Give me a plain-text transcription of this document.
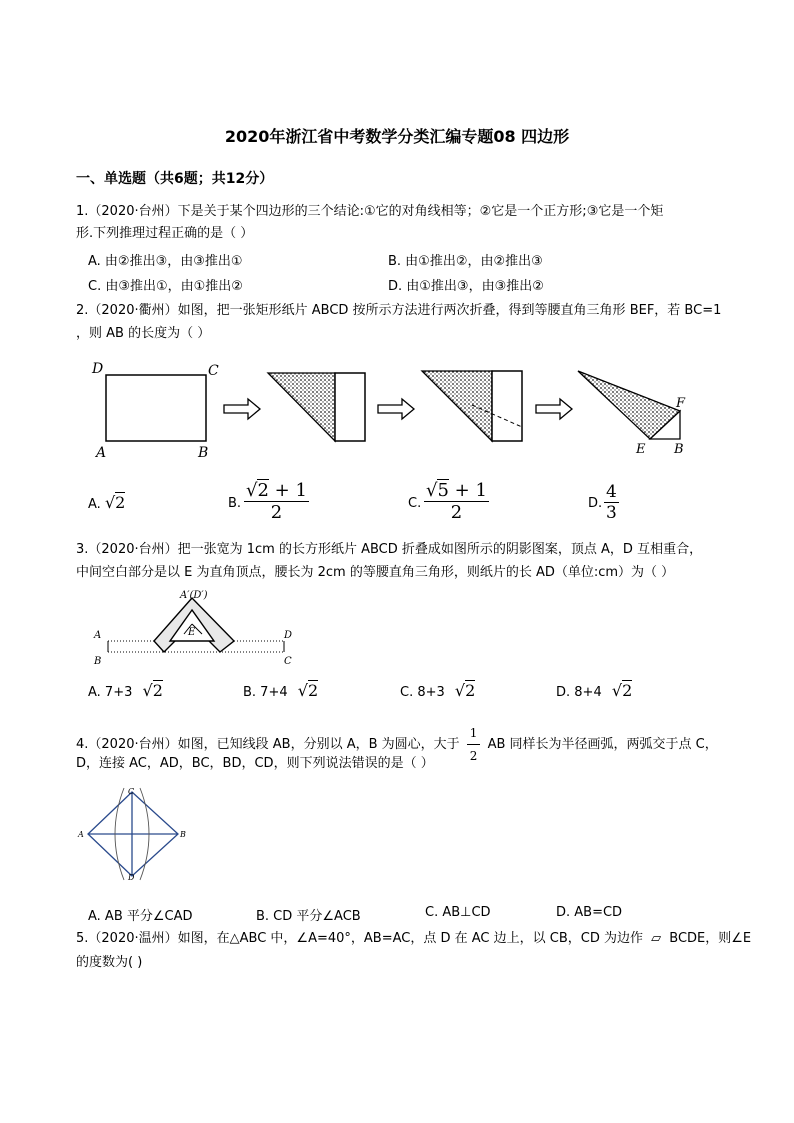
2020年浙江省中考数学分类汇编专题08 四边形
一、单选题（共6题；共12分）
1.（2020·台州）下是关于某个四边形的三个结论:①它的对角线相等；②它是一个正方形;③它是一个矩
形.下列推理过程正确的是（ ）
A. 由②推出③，由③推出①	B. 由①推出②，由②推出③
C. 由③推出①，由①推出②	D. 由①推出③，由③推出②
2.（2020·衢州）如图，把一张矩形纸片 ABCD 按所示方法进行两次折叠，得到等腰直角三角形 BEF，若 BC=1
，则 AB 的长度为（ ）
D	C
A	B
F
E B
A. √2	B.
√2 + 1
2	C.
√5 + 1
2	D. $\frac{4}{3}$
3.（2020·台州）把一张宽为 1cm 的长方形纸片 ABCD 折叠成如图所示的阴影图案，顶点 A，D 互相重合，
中间空白部分是以 E 为直角顶点，腰长为 2cm 的等腰直角三角形，则纸片的长 AD（单位:cm）为（ ）
A′(D′)
A	D
B	C
E
A. 7+3 √2	B. 7+4 √2	C. 8+3 √2	D. 8+4 √2
4.（2020·台州）如图，已知线段 AB，分别以 A，B 为圆心，大于 $\frac{1}{2}$ AB 同样长为半径画弧，两弧交于点 C，
D，连接 AC，AD，BC，BD，CD，则下列说法错误的是（ ）
C
A	B
D
A. AB 平分∠CAD	B. CD 平分∠ACB	C. AB⊥CD	D. AB=CD
5.（2020·温州）如图，在△ABC 中，∠A=40°，AB=AC，点 D 在 AC 边上，以 CB，CD 为边作 ▱ BCDE，则∠E
的度数为( )
